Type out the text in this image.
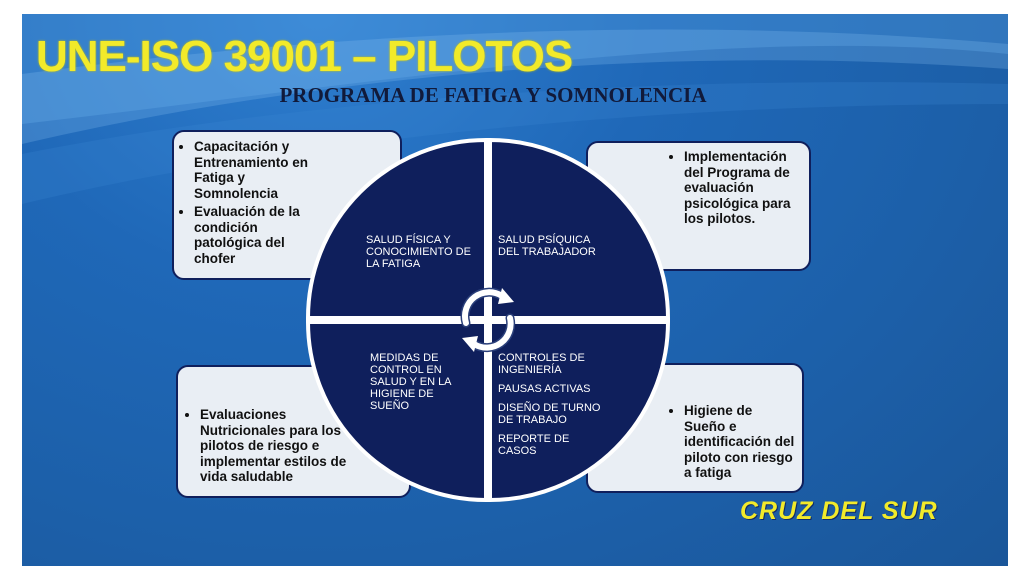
UNE-ISO 39001 – PILOTOS
PROGRAMA DE FATIGA Y SOMNOLENCIA
• Capacitación y Entrenamiento en Fatiga y Somnolencia
• Evaluación de la condición patológica del chofer
• Implementación del Programa de evaluación psicológica para los pilotos.
• Evaluaciones Nutricionales para los pilotos de riesgo e implementar estilos de vida saludable
• Higiene de Sueño e identificación del piloto con riesgo a fatiga
SALUD FÍSICA Y CONOCIMIENTO DE LA FATIGA
SALUD PSÍQUICA DEL TRABAJADOR
MEDIDAS DE CONTROL EN SALUD Y EN LA HIGIENE DE SUEÑO

CONTROLES DE INGENIERÍA

PAUSAS ACTIVAS

DISEÑO DE TURNO DE TRABAJO

REPORTE DE CASOS

CRUZ DEL SUR
